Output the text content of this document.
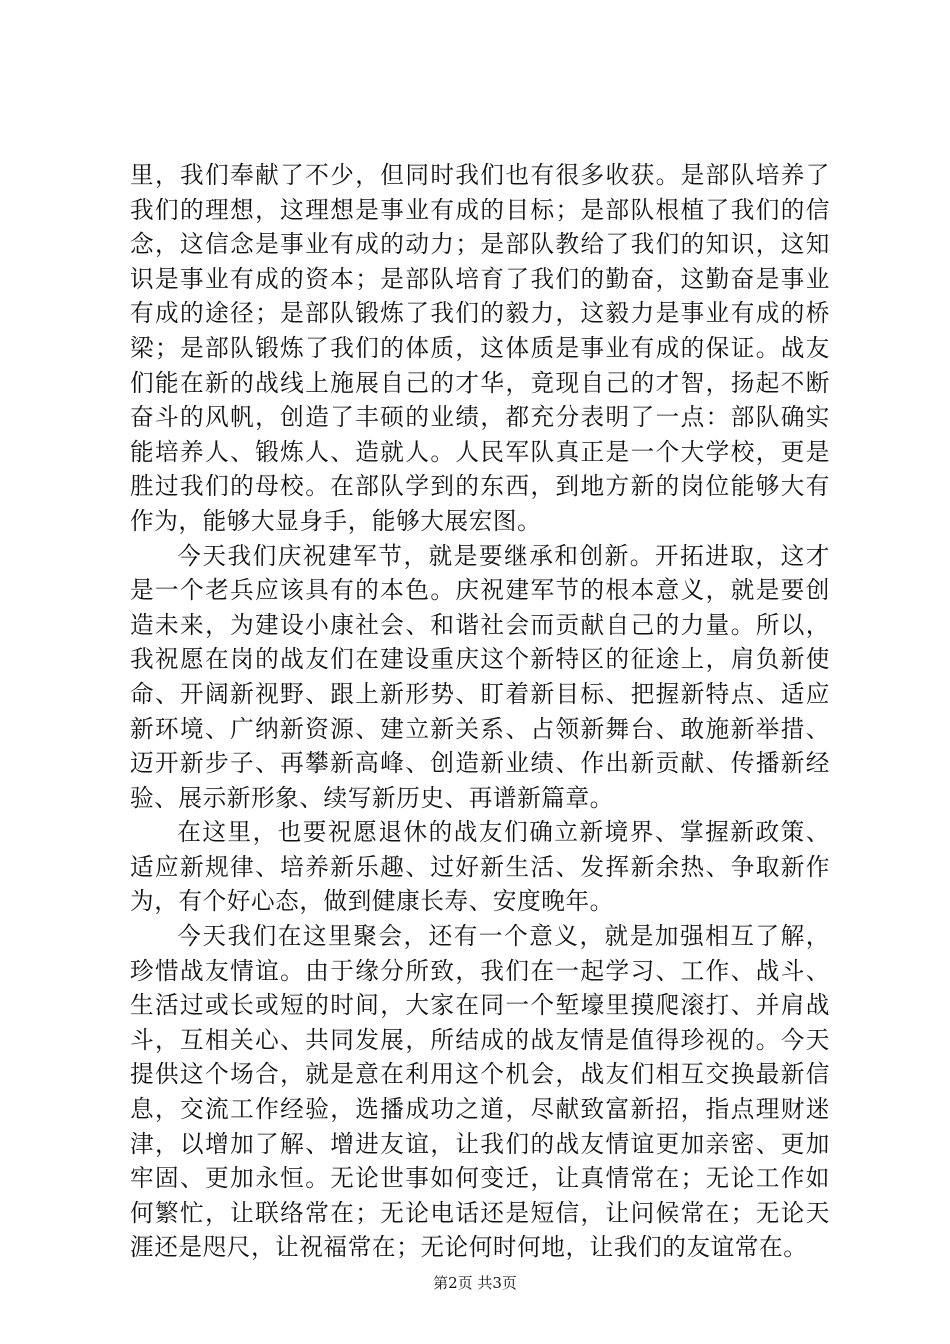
里，我们奉献了不少，但同时我们也有很多收获。是部队培养了我们的理想，这理想是事业有成的目标；是部队根植了我们的信念，这信念是事业有成的动力；是部队教给了我们的知识，这知识是事业有成的资本；是部队培育了我们的勤奋，这勤奋是事业有成的途径；是部队锻炼了我们的毅力，这毅力是事业有成的桥梁；是部队锻炼了我们的体质，这体质是事业有成的保证。战友们能在新的战线上施展自己的才华，竟现自己的才智，扬起不断奋斗的风帆，创造了丰硕的业绩，都充分表明了一点：部队确实能培养人、锻炼人、造就人。人民军队真正是一个大学校，更是胜过我们的母校。在部队学到的东西，到地方新的岗位能够大有作为，能够大显身手，能够大展宏图。

今天我们庆祝建军节，就是要继承和创新。开拓进取，这才是一个老兵应该具有的本色。庆祝建军节的根本意义，就是要创造未来，为建设小康社会、和谐社会而贡献自己的力量。所以，我祝愿在岗的战友们在建设重庆这个新特区的征途上，肩负新使命、开阔新视野、跟上新形势、盯着新目标、把握新特点、适应新环境、广纳新资源、建立新关系、占领新舞台、敢施新举措、迈开新步子、再攀新高峰、创造新业绩、作出新贡献、传播新经验、展示新形象、续写新历史、再谱新篇章。

在这里，也要祝愿退休的战友们确立新境界、掌握新政策、适应新规律、培养新乐趣、过好新生活、发挥新余热、争取新作为，有个好心态，做到健康长寿、安度晚年。

今天我们在这里聚会，还有一个意义，就是加强相互了解，珍惜战友情谊。由于缘分所致，我们在一起学习、工作、战斗、生活过或长或短的时间，大家在同一个堑壕里摸爬滚打、并肩战斗，互相关心、共同发展，所结成的战友情是值得珍视的。今天提供这个场合，就是意在利用这个机会，战友们相互交换最新信息，交流工作经验，选播成功之道，尽献致富新招，指点理财迷津，以增加了解、增进友谊，让我们的战友情谊更加亲密、更加牢固、更加永恒。无论世事如何变迁，让真情常在；无论工作如何繁忙，让联络常在；无论电话还是短信，让问候常在；无论天涯还是咫尺，让祝福常在；无论何时何地，让我们的友谊常在。

第2页 共3页
